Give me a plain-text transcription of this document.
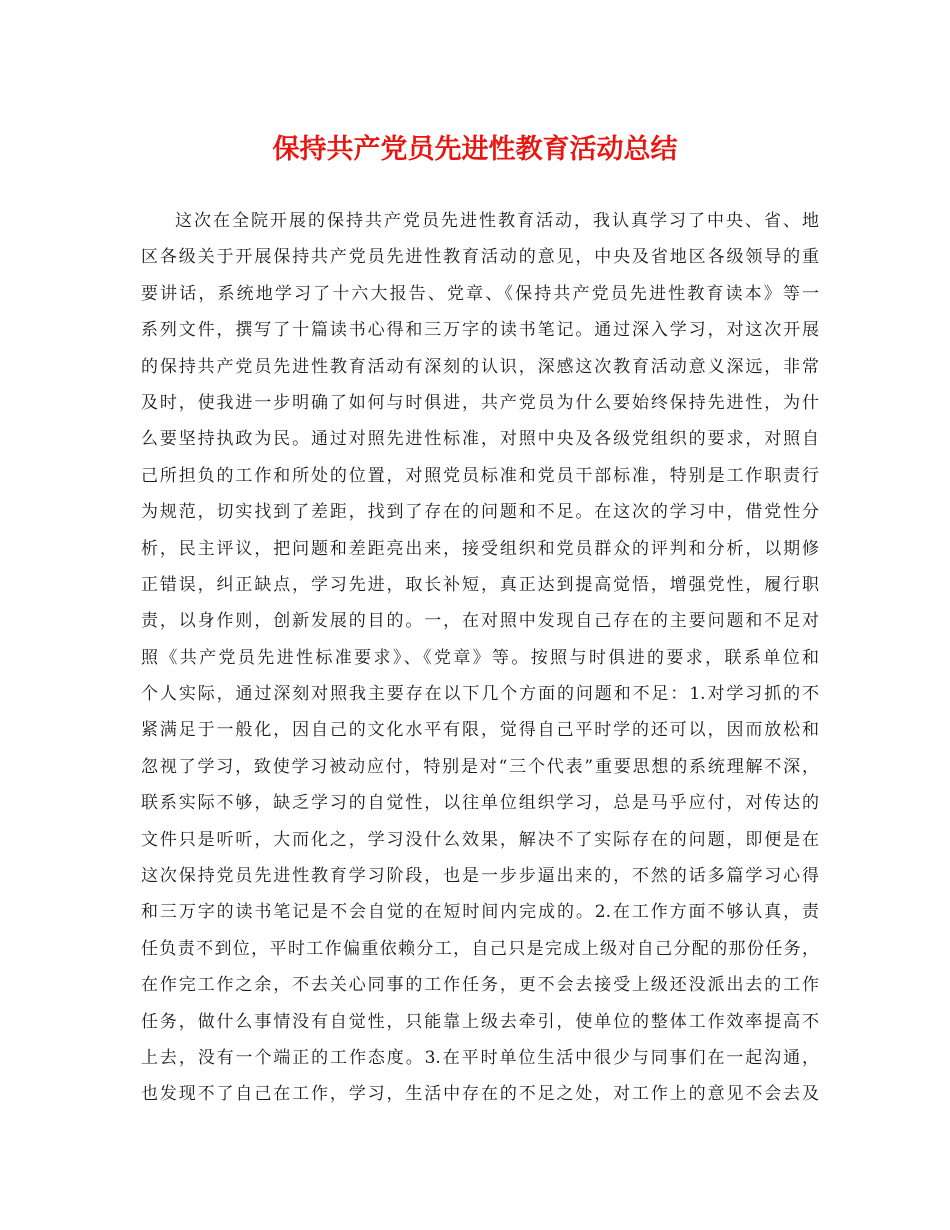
保持共产党员先进性教育活动总结
这次在全院开展的保持共产党员先进性教育活动，我认真学习了中央、省、地
区各级关于开展保持共产党员先进性教育活动的意见，中央及省地区各级领导的重
要讲话，系统地学习了十六大报告、党章、《保持共产党员先进性教育读本》等一
系列文件，撰写了十篇读书心得和三万字的读书笔记。通过深入学习，对这次开展
的保持共产党员先进性教育活动有深刻的认识，深感这次教育活动意义深远，非常
及时，使我进一步明确了如何与时俱进，共产党员为什么要始终保持先进性，为什
么要坚持执政为民。通过对照先进性标准，对照中央及各级党组织的要求，对照自
己所担负的工作和所处的位置，对照党员标准和党员干部标准，特别是工作职责行
为规范，切实找到了差距，找到了存在的问题和不足。在这次的学习中，借党性分
析，民主评议，把问题和差距亮出来，接受组织和党员群众的评判和分析，以期修
正错误，纠正缺点，学习先进，取长补短，真正达到提高觉悟，增强党性，履行职
责，以身作则，创新发展的目的。一，在对照中发现自己存在的主要问题和不足对
照《共产党员先进性标准要求》、《党章》等。按照与时俱进的要求，联系单位和
个人实际，通过深刻对照我主要存在以下几个方面的问题和不足：1.对学习抓的不
紧满足于一般化，因自己的文化水平有限，觉得自己平时学的还可以，因而放松和
忽视了学习，致使学习被动应付，特别是对“三个代表”重要思想的系统理解不深，
联系实际不够，缺乏学习的自觉性，以往单位组织学习，总是马乎应付，对传达的
文件只是听听，大而化之，学习没什么效果，解决不了实际存在的问题，即便是在
这次保持党员先进性教育学习阶段，也是一步步逼出来的，不然的话多篇学习心得
和三万字的读书笔记是不会自觉的在短时间内完成的。2.在工作方面不够认真，责
任负责不到位，平时工作偏重依赖分工，自己只是完成上级对自己分配的那份任务，
在作完工作之余，不去关心同事的工作任务，更不会去接受上级还没派出去的工作
任务，做什么事情没有自觉性，只能靠上级去牵引，使单位的整体工作效率提高不
上去，没有一个端正的工作态度。3.在平时单位生活中很少与同事们在一起沟通，
也发现不了自己在工作，学习，生活中存在的不足之处，对工作上的意见不会去及
